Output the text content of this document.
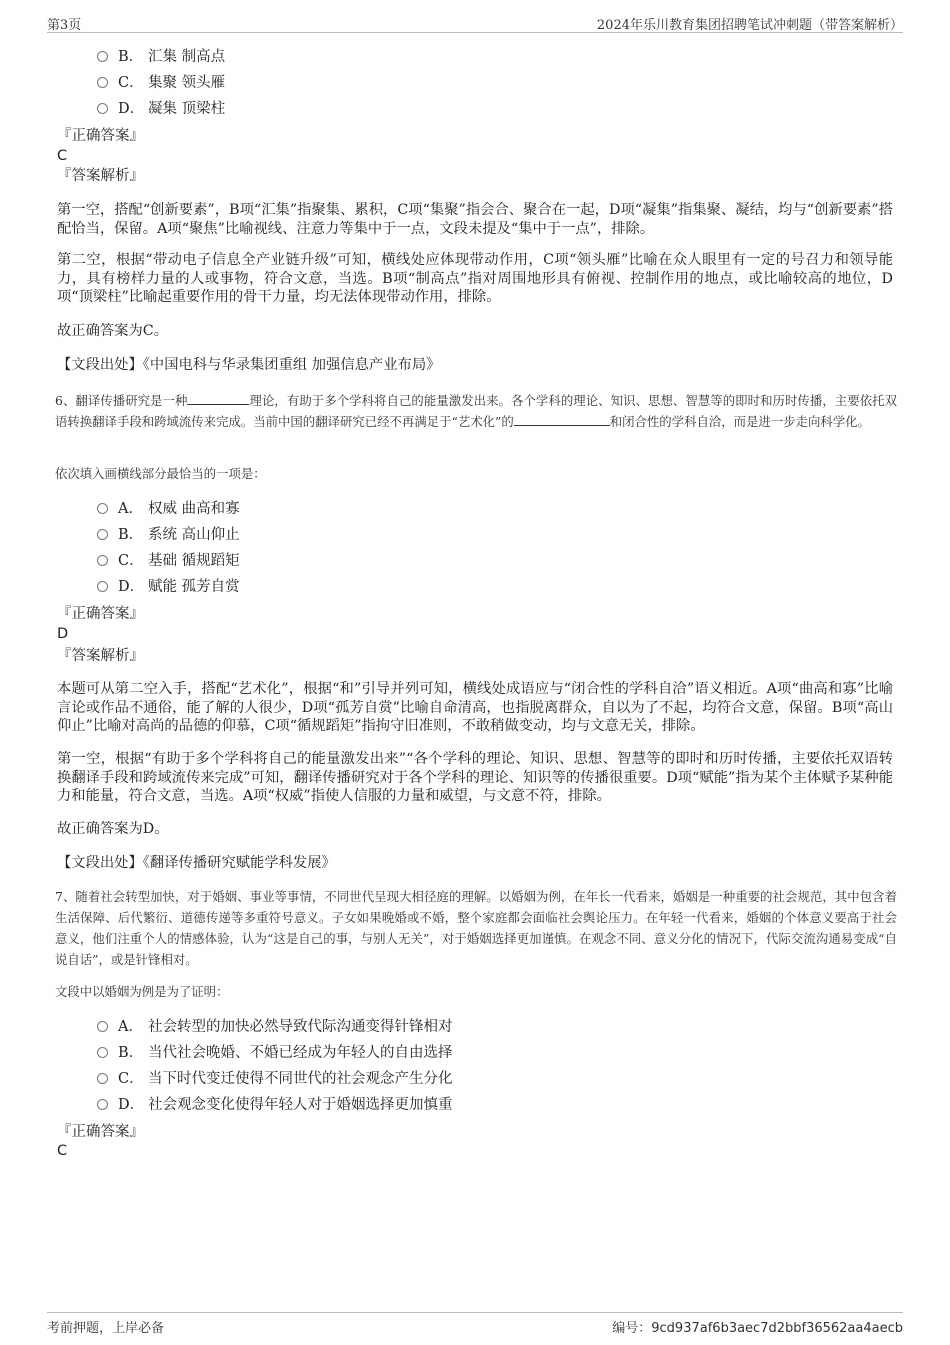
第3页	2024年乐川教育集团招聘笔试冲刺题（带答案解析）
B． 汇集 制高点
C． 集聚 领头雁
D． 凝集 顶梁柱
『正确答案』
C
『答案解析』
第一空，搭配“创新要素”，B项“汇集”指聚集、累积，C项“集聚”指会合、聚合在一起，D项“凝集”指集聚、凝结，均与“创新要素”搭配恰当，保留。A项“聚焦”比喻视线、注意力等集中于一点，文段未提及“集中于一点”，排除。
第二空，根据“带动电子信息全产业链升级”可知，横线处应体现带动作用，C项“领头雁”比喻在众人眼里有一定的号召力和领导能力，具有榜样力量的人或事物，符合文意，当选。B项“制高点”指对周围地形具有俯视、控制作用的地点，或比喻较高的地位，D项“顶梁柱”比喻起重要作用的骨干力量，均无法体现带动作用，排除。
故正确答案为C。
【文段出处】《中国电科与华录集团重组 加强信息产业布局》
6、翻译传播研究是一种	理论，有助于多个学科将自己的能量激发出来。各个学科的理论、知识、思想、智慧等的即时和历时传播，主要依托双语转换翻译手段和跨域流传来完成。当前中国的翻译研究已经不再满足于“艺术化”的	和闭合性的学科自洽，而是进一步走向科学化。
依次填入画横线部分最恰当的一项是：
A． 权威 曲高和寡
B． 系统 高山仰止
C． 基础 循规蹈矩
D． 赋能 孤芳自赏
『正确答案』
D
『答案解析』
本题可从第二空入手，搭配“艺术化”，根据“和”引导并列可知，横线处成语应与“闭合性的学科自洽”语义相近。A项“曲高和寡”比喻言论或作品不通俗，能了解的人很少，D项“孤芳自赏”比喻自命清高，也指脱离群众，自以为了不起，均符合文意，保留。B项“高山仰止”比喻对高尚的品德的仰慕，C项“循规蹈矩”指拘守旧准则，不敢稍做变动，均与文意无关，排除。
第一空，根据“有助于多个学科将自己的能量激发出来”“各个学科的理论、知识、思想、智慧等的即时和历时传播，主要依托双语转换翻译手段和跨域流传来完成”可知，翻译传播研究对于各个学科的理论、知识等的传播很重要。D项“赋能”指为某个主体赋予某种能力和能量，符合文意，当选。A项“权威”指使人信服的力量和威望，与文意不符，排除。
故正确答案为D。
【文段出处】《翻译传播研究赋能学科发展》
7、随着社会转型加快，对于婚姻、事业等事情，不同世代呈现大相径庭的理解。以婚姻为例，在年长一代看来，婚姻是一种重要的社会规范，其中包含着生活保障、后代繁衍、道德传递等多重符号意义。子女如果晚婚或不婚，整个家庭都会面临社会舆论压力。在年轻一代看来，婚姻的个体意义要高于社会意义，他们注重个人的情感体验，认为“这是自己的事，与别人无关”，对于婚姻选择更加谨慎。在观念不同、意义分化的情况下，代际交流沟通易变成“自说自话”，或是针锋相对。
文段中以婚姻为例是为了证明：
A． 社会转型的加快必然导致代际沟通变得针锋相对
B． 当代社会晚婚、不婚已经成为年轻人的自由选择
C． 当下时代变迁使得不同世代的社会观念产生分化
D． 社会观念变化使得年轻人对于婚姻选择更加慎重
『正确答案』
C
考前押题，上岸必备	编号：9cd937af6b3aec7d2bbf36562aa4aecb
